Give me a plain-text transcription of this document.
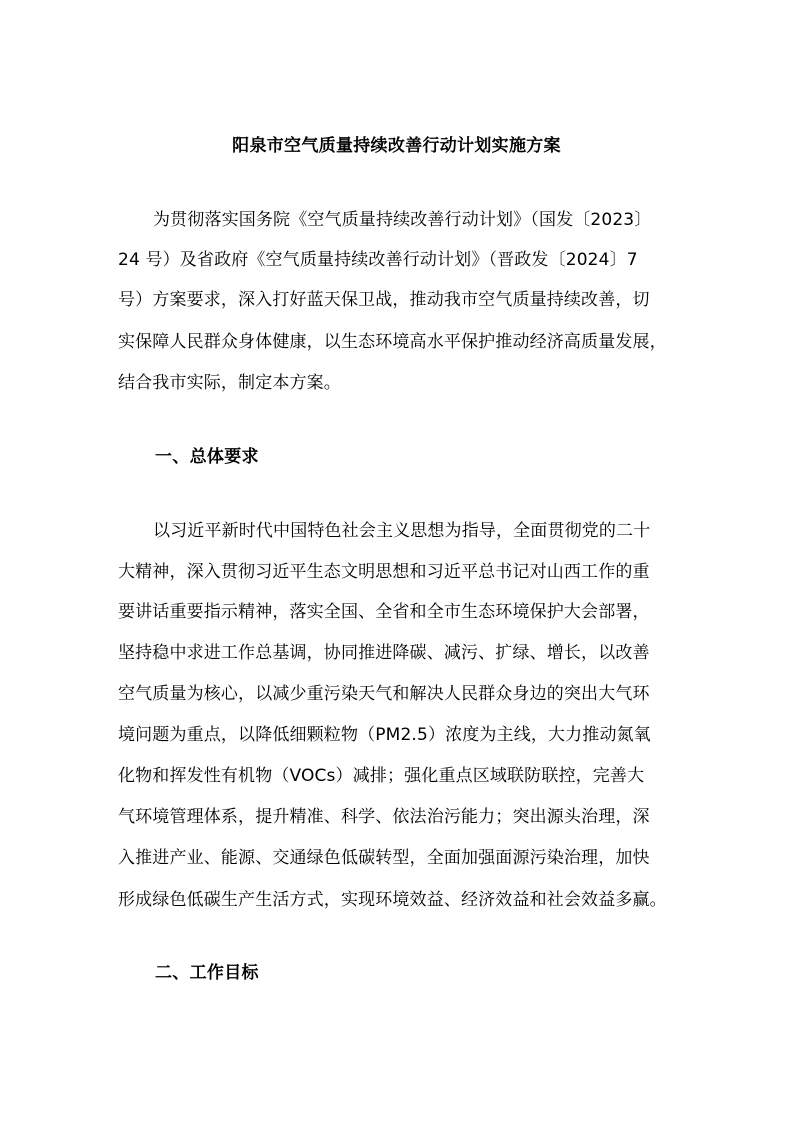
阳泉市空气质量持续改善行动计划实施方案

为贯彻落实国务院《空气质量持续改善行动计划》（国发〔2023〕

24 号）及省政府《空气质量持续改善行动计划》（晋政发〔2024〕7

号）方案要求，深入打好蓝天保卫战，推动我市空气质量持续改善，切

实保障人民群众身体健康，以生态环境高水平保护推动经济高质量发展，

结合我市实际，制定本方案。

一、总体要求

以习近平新时代中国特色社会主义思想为指导，全面贯彻党的二十

大精神，深入贯彻习近平生态文明思想和习近平总书记对山西工作的重

要讲话重要指示精神，落实全国、全省和全市生态环境保护大会部署，

坚持稳中求进工作总基调，协同推进降碳、减污、扩绿、增长，以改善

空气质量为核心，以减少重污染天气和解决人民群众身边的突出大气环

境问题为重点，以降低细颗粒物（PM2.5）浓度为主线，大力推动氮氧

化物和挥发性有机物（VOCs）减排；强化重点区域联防联控，完善大

气环境管理体系，提升精准、科学、依法治污能力；突出源头治理，深

入推进产业、能源、交通绿色低碳转型，全面加强面源污染治理，加快

形成绿色低碳生产生活方式，实现环境效益、经济效益和社会效益多赢。

二、工作目标
